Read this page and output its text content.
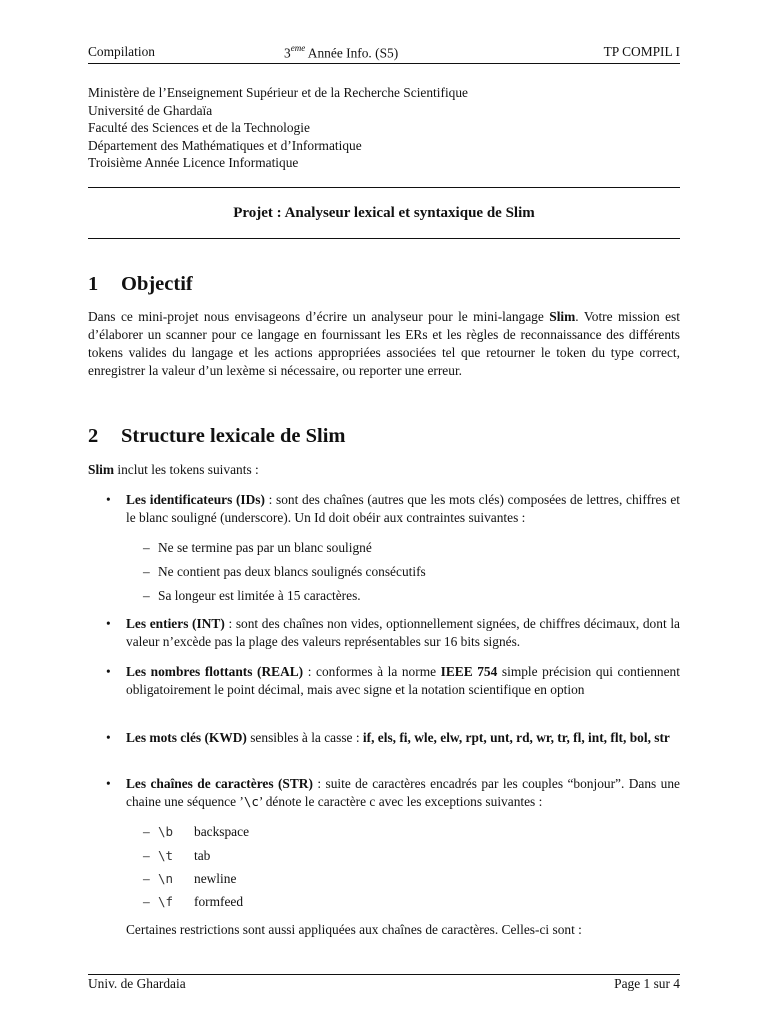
Compilation	3eme Année Info. (S5)	TP COMPIL I
Ministère de l’Enseignement Supérieur et de la Recherche Scientifique
Université de Ghardaïa
Faculté des Sciences et de la Technologie
Département des Mathématiques et d’Informatique
Troisième Année Licence Informatique
Projet : Analyseur lexical et syntaxique de Slim
1 Objectif
Dans ce mini-projet nous envisageons d’écrire un analyseur pour le mini-langage Slim. Votre mission est d’élaborer un scanner pour ce langage en fournissant les ERs et les règles de reconnaissance des différents tokens valides du langage et les actions appropriées associées tel que retourner le token du type correct, enregistrer la valeur d’un lexème si nécessaire, ou reporter une erreur.
2 Structure lexicale de Slim
Slim inclut les tokens suivants :
• Les identificateurs (IDs) : sont des chaînes (autres que les mots clés) composées de lettres, chiffres et le blanc souligné (underscore). Un Id doit obéir aux contraintes suivantes :
– Ne se termine pas par un blanc souligné
– Ne contient pas deux blancs soulignés consécutifs
– Sa longeur est limitée à 15 caractères.
• Les entiers (INT) : sont des chaînes non vides, optionnellement signées, de chiffres décimaux, dont la valeur n’excède pas la plage des valeurs représentables sur 16 bits signés.
• Les nombres flottants (REAL) : conformes à la norme IEEE 754 simple précision qui contiennent obligatoirement le point décimal, mais avec signe et la notation scientifique en option
• Les mots clés (KWD) sensibles à la casse : if, els, fi, wle, elw, rpt, unt, rd, wr, tr, fl, int, flt, bol, str
• Les chaînes de caractères (STR) : suite de caractères encadrés par les couples “bonjour”. Dans une chaine une séquence ’\c’ dénote le caractère c avec les exceptions suivantes :
– \b backspace
– \t tab
– \n newline
– \f formfeed
Certaines restrictions sont aussi appliquées aux chaînes de caractères. Celles-ci sont :
Univ. de Ghardaia	Page 1 sur 4
